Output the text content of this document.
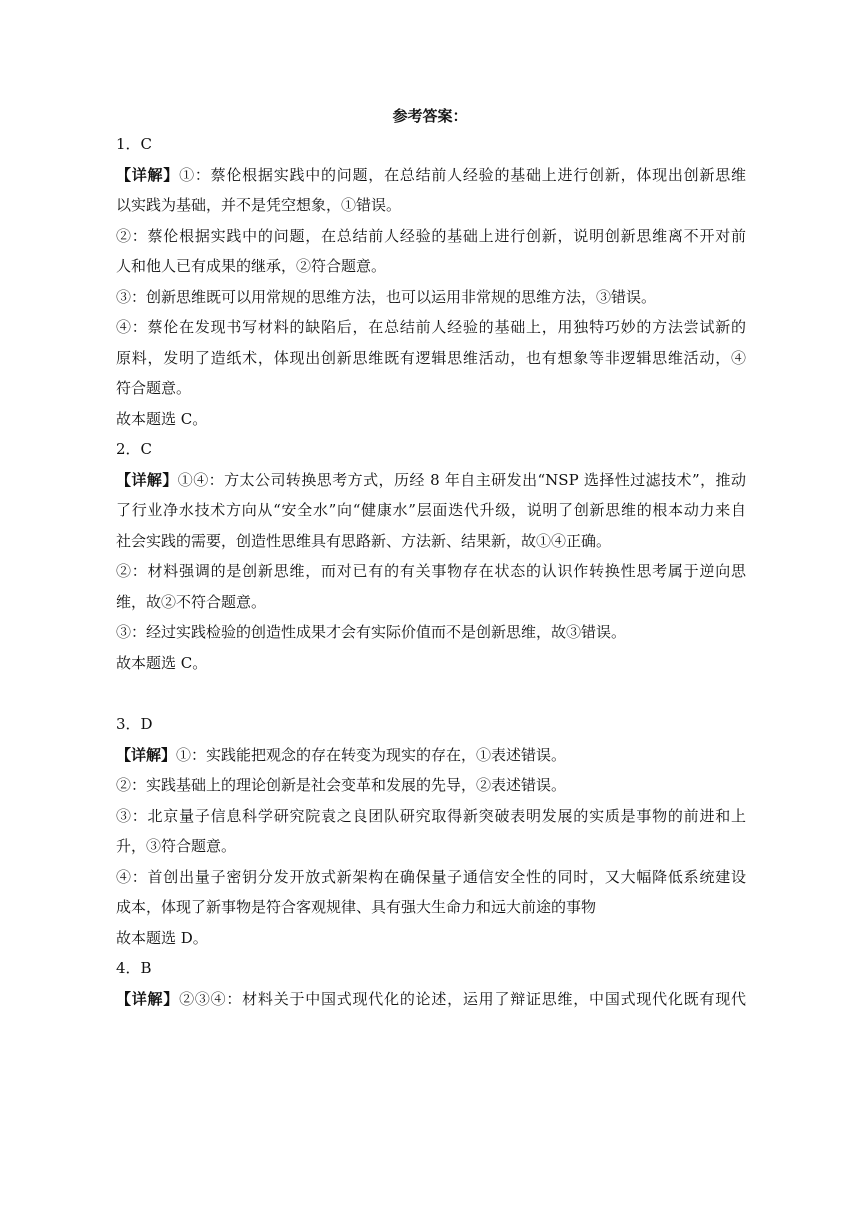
参考答案：
1．C
【详解】①：蔡伦根据实践中的问题，在总结前人经验的基础上进行创新，体现出创新思维
以实践为基础，并不是凭空想象，①错误。
②：蔡伦根据实践中的问题，在总结前人经验的基础上进行创新，说明创新思维离不开对前
人和他人已有成果的继承，②符合题意。
③：创新思维既可以用常规的思维方法，也可以运用非常规的思维方法，③错误。
④：蔡伦在发现书写材料的缺陷后，在总结前人经验的基础上，用独特巧妙的方法尝试新的
原料，发明了造纸术，体现出创新思维既有逻辑思维活动，也有想象等非逻辑思维活动，④
符合题意。
故本题选 C。
2．C
【详解】①④：方太公司转换思考方式，历经 8 年自主研发出“NSP 选择性过滤技术”，推动
了行业净水技术方向从“安全水”向“健康水”层面迭代升级，说明了创新思维的根本动力来自
社会实践的需要，创造性思维具有思路新、方法新、结果新，故①④正确。
②：材料强调的是创新思维，而对已有的有关事物存在状态的认识作转换性思考属于逆向思
维，故②不符合题意。
③：经过实践检验的创造性成果才会有实际价值而不是创新思维，故③错误。
故本题选 C。
3．D
【详解】①：实践能把观念的存在转变为现实的存在，①表述错误。
②：实践基础上的理论创新是社会变革和发展的先导，②表述错误。
③：北京量子信息科学研究院袁之良团队研究取得新突破表明发展的实质是事物的前进和上
升，③符合题意。
④：首创出量子密钥分发开放式新架构在确保量子通信安全性的同时，又大幅降低系统建设
成本，体现了新事物是符合客观规律、具有强大生命力和远大前途的事物
故本题选 D。
4．B
【详解】②③④：材料关于中国式现代化的论述，运用了辩证思维，中国式现代化既有现代
